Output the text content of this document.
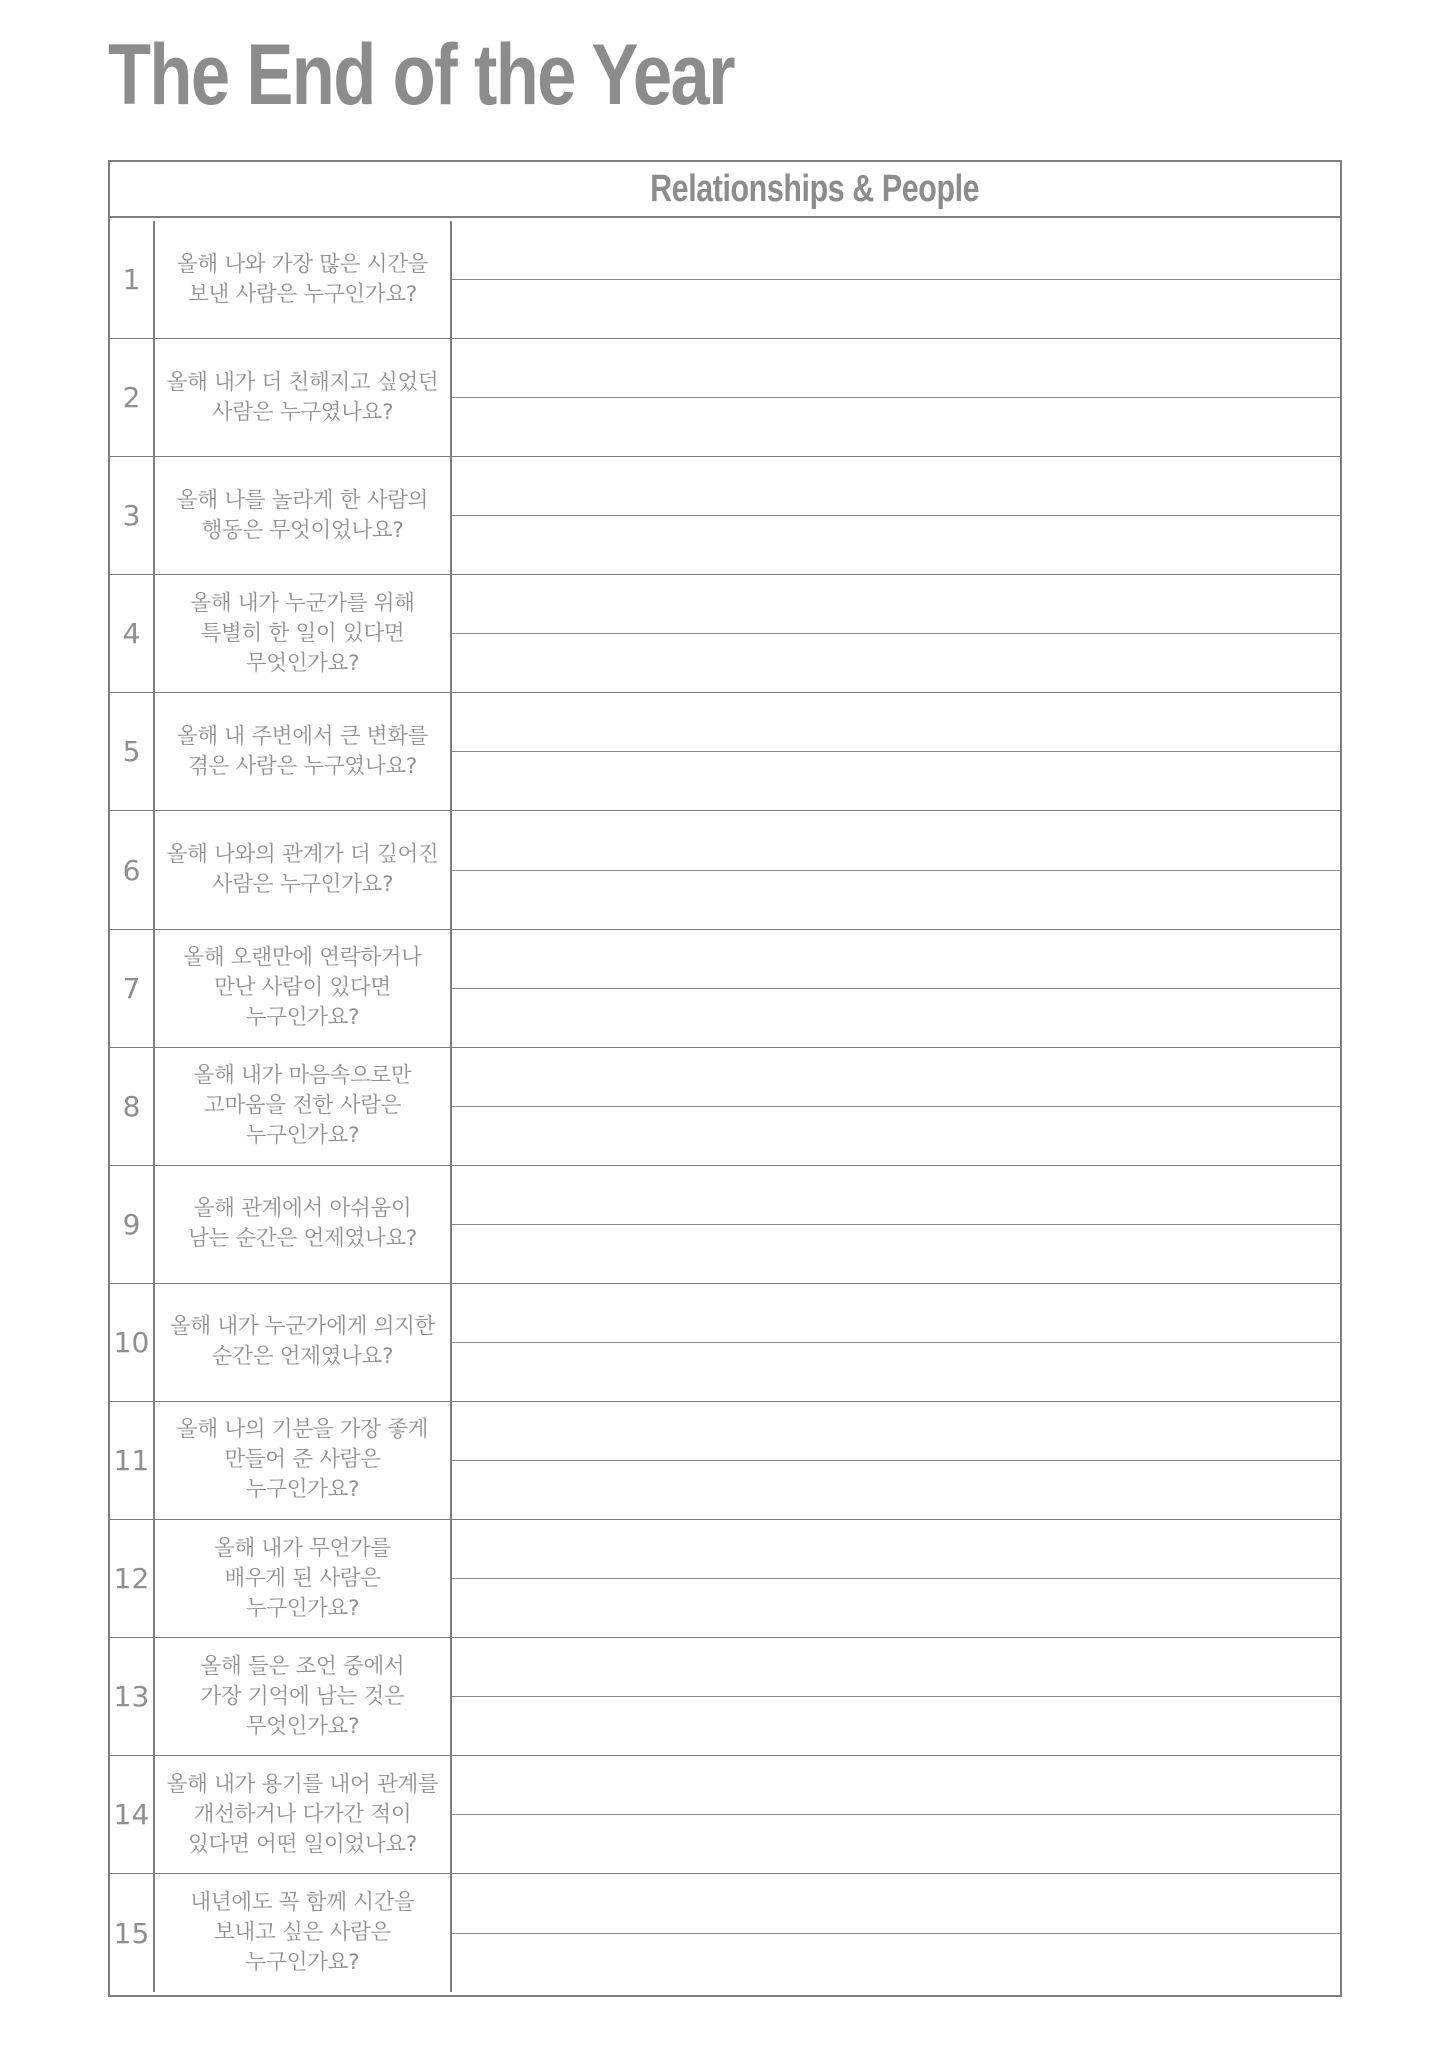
The End of the Year
Relationships & People
1	올해 나와 가장 많은 시간을
보낸 사람은 누구인가요?
2	올해 내가 더 친해지고 싶었던
사람은 누구였나요?
3	올해 나를 놀라게 한 사람의
행동은 무엇이었나요?
4
올해 내가 누군가를 위해
특별히 한 일이 있다면
무엇인가요?
5	올해 내 주변에서 큰 변화를
겪은 사람은 누구였나요?
6	올해 나와의 관계가 더 깊어진
사람은 누구인가요?
7
올해 오랜만에 연락하거나
만난 사람이 있다면
누구인가요?
8
올해 내가 마음속으로만
고마움을 전한 사람은
누구인가요?
9	올해 관계에서 아쉬움이
남는 순간은 언제였나요?
10 올해 내가 누군가에게 의지한
순간은 언제였나요?
11
올해 나의 기분을 가장 좋게
만들어 준 사람은
누구인가요?
12
올해 내가 무언가를
배우게 된 사람은
누구인가요?
13
올해 들은 조언 중에서
가장 기억에 남는 것은
무엇인가요?
14
올해 내가 용기를 내어 관계를
개선하거나 다가간 적이
있다면 어떤 일이었나요?
15
내년에도 꼭 함께 시간을
보내고 싶은 사람은
누구인가요?
